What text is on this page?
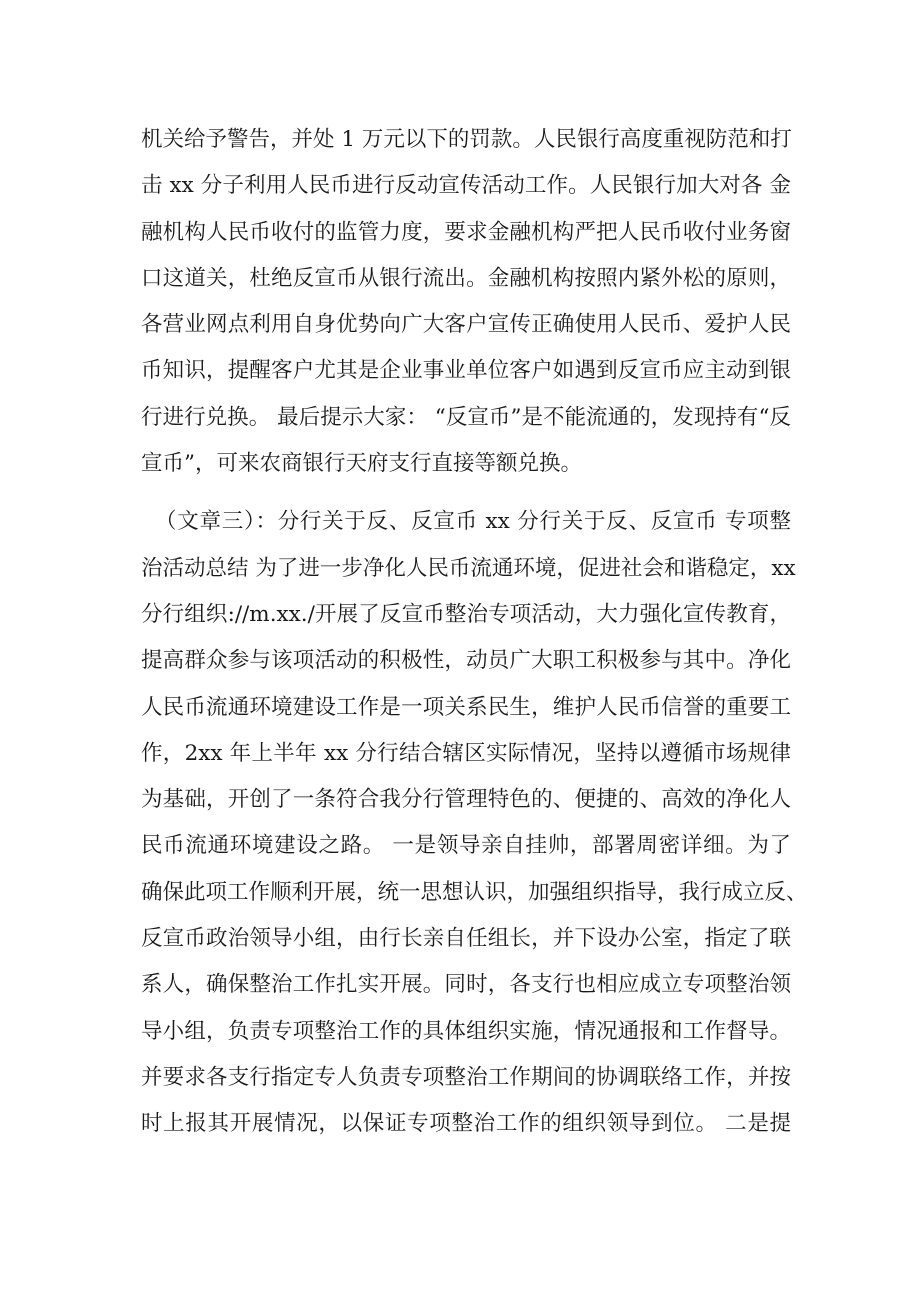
机关给予警告，并处 1 万元以下的罚款。人民银行高度重视防范和打
击 xx 分子利用人民币进行反动宣传活动工作。人民银行加大对各 金
融机构人民币收付的监管力度，要求金融机构严把人民币收付业务窗
口这道关，杜绝反宣币从银行流出。金融机构按照内紧外松的原则，
各营业网点利用自身优势向广大客户宣传正确使用人民币、爱护人民
币知识，提醒客户尤其是企业事业单位客户如遇到反宣币应主动到银
行进行兑换。 最后提示大家： “反宣币”是不能流通的，发现持有“反
宣币”，可来农商银行天府支行直接等额兑换。
（文章三）：分行关于反、反宣币 xx 分行关于反、反宣币 专项整
治活动总结 为了进一步净化人民币流通环境，促进社会和谐稳定，xx
分行组织://m.xx./开展了反宣币整治专项活动，大力强化宣传教育，
提高群众参与该项活动的积极性，动员广大职工积极参与其中。净化
人民币流通环境建设工作是一项关系民生，维护人民币信誉的重要工
作，2xx 年上半年 xx 分行结合辖区实际情况，坚持以遵循市场规律
为基础，开创了一条符合我分行管理特色的、便捷的、高效的净化人
民币流通环境建设之路。 一是领导亲自挂帅，部署周密详细。为了
确保此项工作顺利开展，统一思想认识，加强组织指导，我行成立反、
反宣币政治领导小组，由行长亲自任组长，并下设办公室，指定了联
系人，确保整治工作扎实开展。同时，各支行也相应成立专项整治领
导小组，负责专项整治工作的具体组织实施，情况通报和工作督导。
并要求各支行指定专人负责专项整治工作期间的协调联络工作，并按
时上报其开展情况，以保证专项整治工作的组织领导到位。 二是提
